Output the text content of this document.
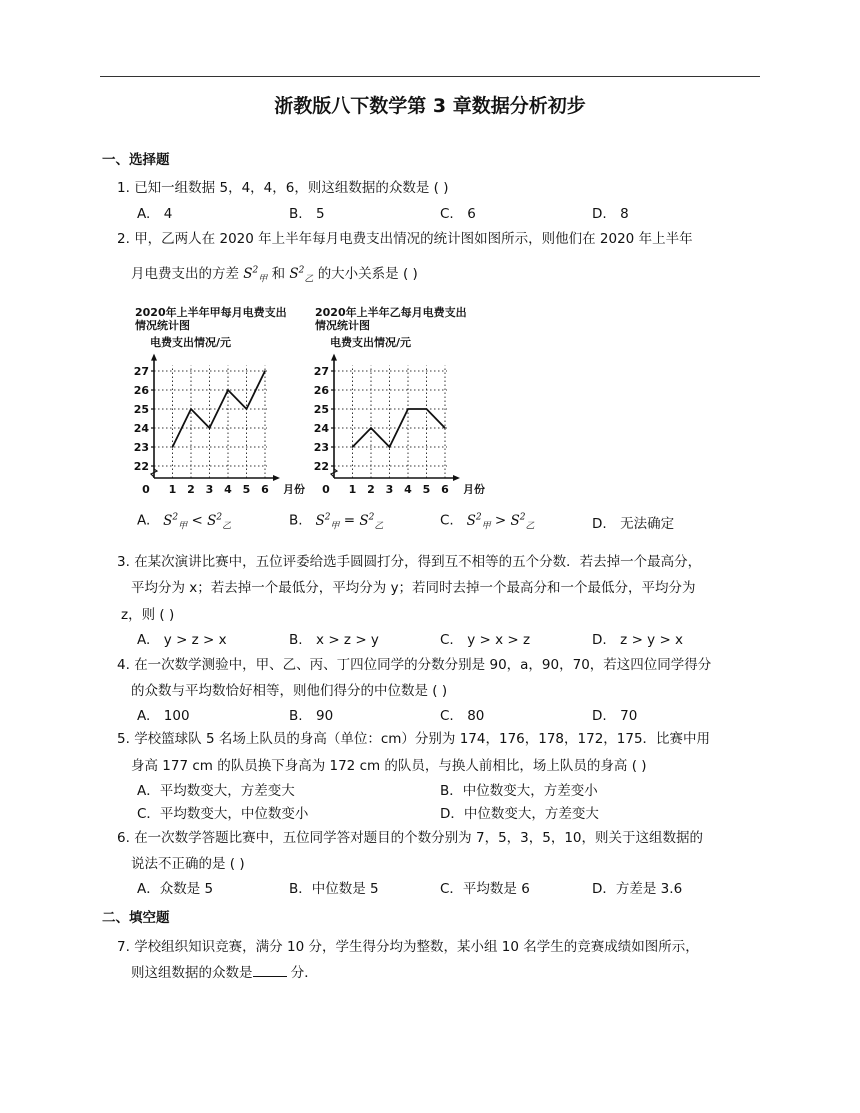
浙教版八下数学第 3 章数据分析初步
一、选择题
1. 已知一组数据 5，4，4，6，则这组数据的众数是 ( )
A.　4	B.　5	C.　6	D.　8
2. 甲，乙两人在 2020 年上半年每月电费支出情况的统计图如图所示，则他们在 2020 年上半年
月电费支出的方差 $S^2_甲$ 和 $S^2_乙$ 的大小关系是 ( )
2020年上半年甲每月电费支出
情况统计图
电费支出情况/元
22
23
24
25
26
27
1 2 3 4 5 6
0	月份
2020年上半年乙每月电费支出
情况统计图
电费支出情况/元
22
23
24
25
26
27
1 2 3 4 5 6
0	月份
A. $S^2_甲 < S^2_乙$	B. $S^2_甲 = S^2_乙$	C. $S^2_甲 > S^2_乙$	D.　无法确定
3. 在某次演讲比赛中，五位评委给选手圆圆打分，得到互不相等的五个分数．若去掉一个最高分，
平均分为 x；若去掉一个最低分，平均分为 y；若同时去掉一个最高分和一个最低分，平均分为
z，则 ( )
A.　y > z > x	B.　x > z > y	C.　y > x > z	D.　z > y > x
4. 在一次数学测验中，甲、乙、丙、丁四位同学的分数分别是 90，a，90，70，若这四位同学得分
的众数与平均数恰好相等，则他们得分的中位数是 ( )
A.　100	B.　90	C.　80	D.　70
5. 学校篮球队 5 名场上队员的身高（单位：cm）分别为 174，176，178，172，175．比赛中用
身高 177 cm 的队员换下身高为 172 cm 的队员，与换人前相比，场上队员的身高 ( )
A．平均数变大，方差变大	B．中位数变大，方差变小
C．平均数变大，中位数变小	D．中位数变大，方差变大
6. 在一次数学答题比赛中，五位同学答对题目的个数分别为 7，5，3，5，10，则关于这组数据的
说法不正确的是 ( )
A．众数是 5	B．中位数是 5	C．平均数是 6	D．方差是 3.6
二、填空题
7. 学校组织知识竞赛，满分 10 分，学生得分均为整数，某小组 10 名学生的竞赛成绩如图所示，
则这组数据的众数是	分．
